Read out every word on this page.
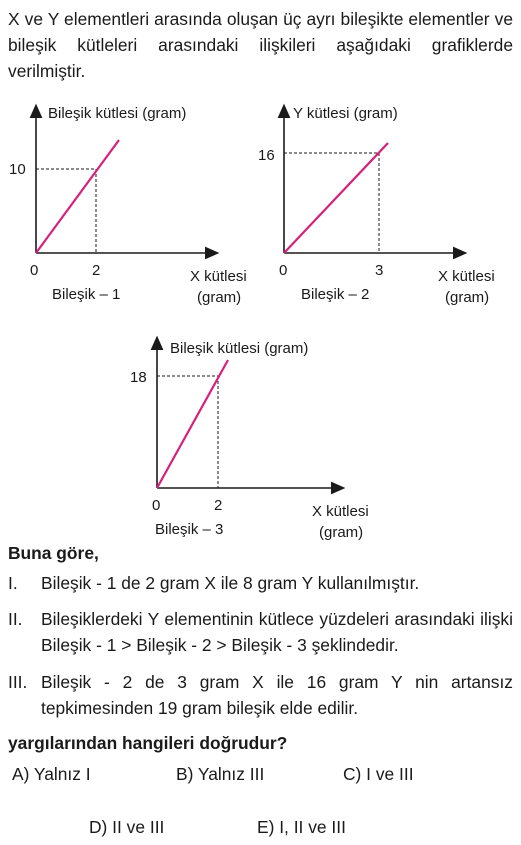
X ve Y elementleri arasında oluşan üç ayrı bileşikte elementler ve bileşik kütleleri arasındaki ilişkileri aşağıdaki grafiklerde verilmiştir.
Bileşik kütlesi (gram)
10
0	2	X kütlesi
(gram)
Bileşik – 1
Y kütlesi (gram)
16
0	3	X kütlesi
(gram)
Bileşik – 2
Bileşik kütlesi (gram)
18
0	2	X kütlesi
(gram)
Bileşik – 3
Buna göre,
I. Bileşik - 1 de 2 gram X ile 8 gram Y kullanılmıştır.
II. Bileşiklerdeki Y elementinin kütlece yüzdeleri arasındaki ilişki Bileşik - 1 > Bileşik - 2 > Bileşik - 3 şeklindedir.
III. Bileşik - 2 de 3 gram X ile 16 gram Y nin artansız tepkimesinden 19 gram bileşik elde edilir.
yargılarından hangileri doğrudur?
A) Yalnız I	B) Yalnız III	C) I ve III
D) II ve III	E) I, II ve III
